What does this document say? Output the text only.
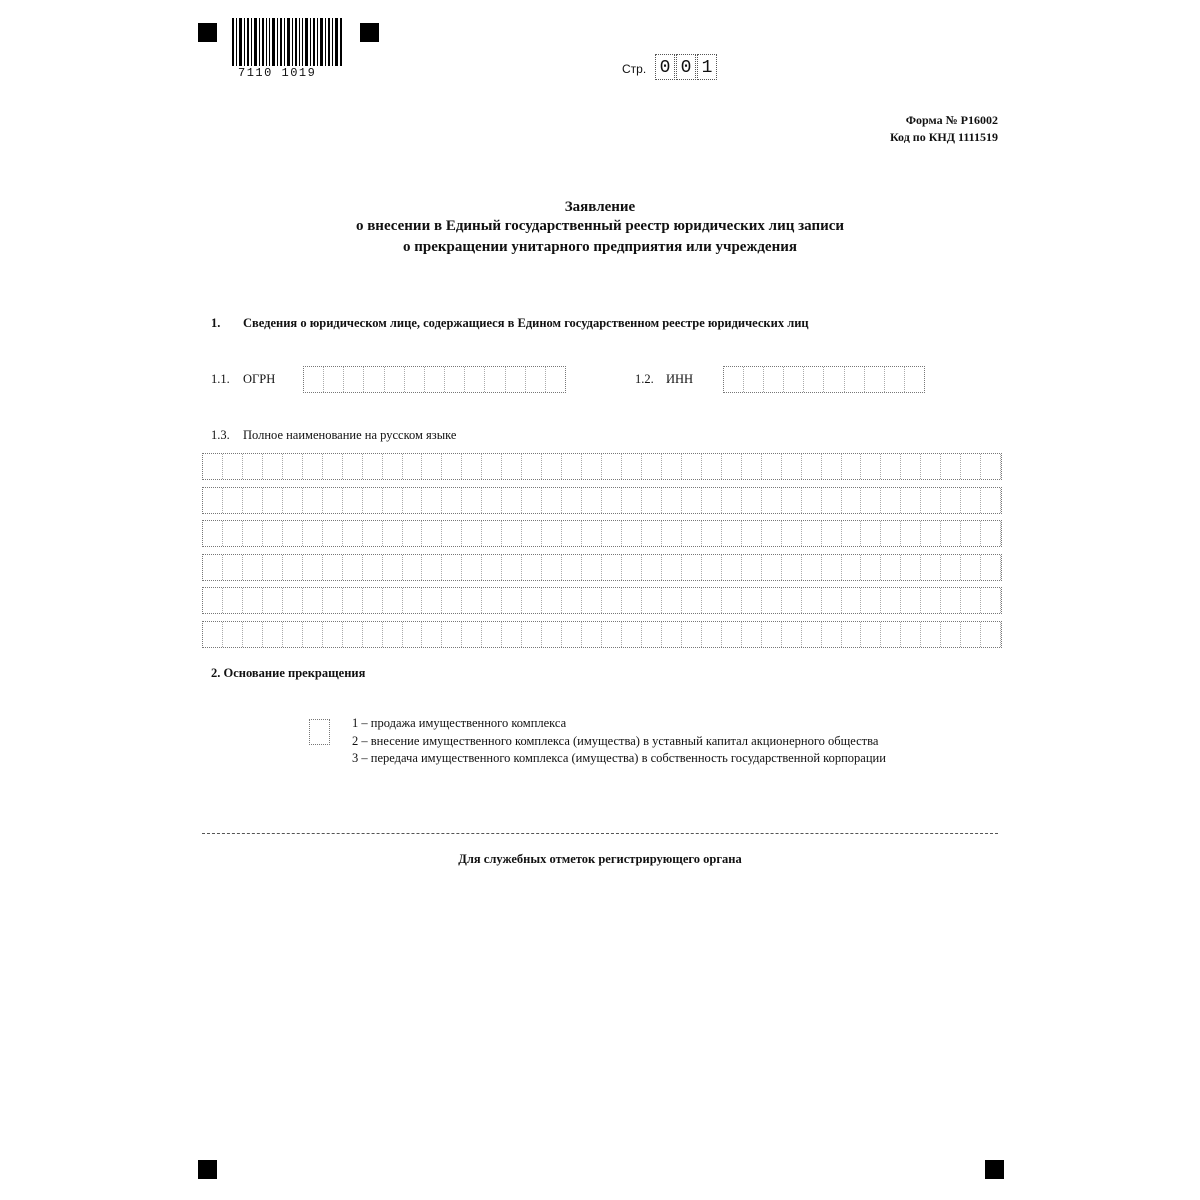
7110 1019	Стр. 0 0 1
Форма № Р16002
Код по КНД 1111519
Заявление
о внесении в Единый государственный реестр юридических лиц записи
о прекращении унитарного предприятия или учреждения
1. Сведения о юридическом лице, содержащиеся в Едином государственном реестре юридических лиц
1.1. ОГРН	1.2. ИНН
1.3. Полное наименование на русском языке
2. Основание прекращения
1 – продажа имущественного комплекса
2 – внесение имущественного комплекса (имущества) в уставный капитал акционерного общества
3 – передача имущественного комплекса (имущества) в собственность государственной корпорации
Для служебных отметок регистрирующего органа
